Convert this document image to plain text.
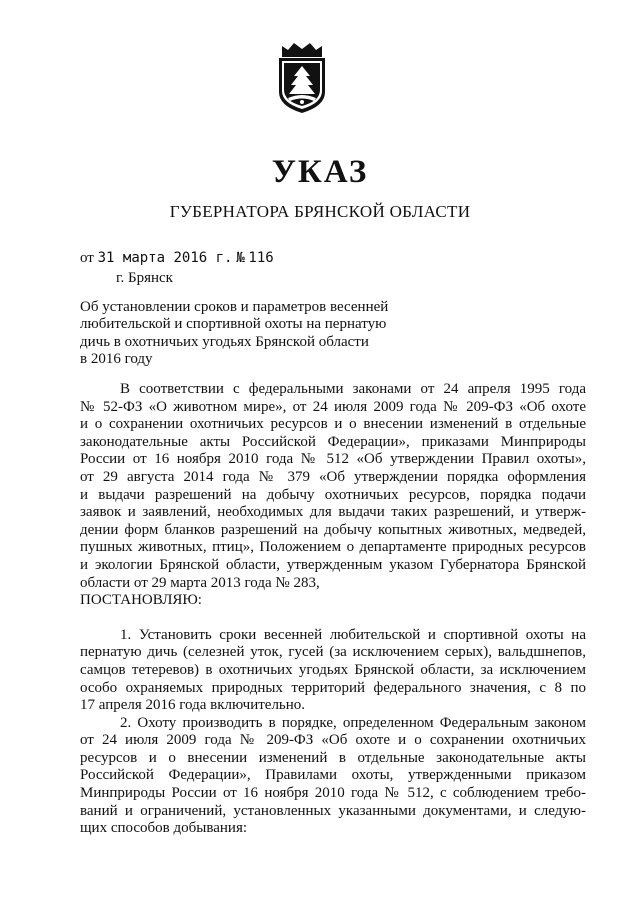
УКАЗ
ГУБЕРНАТОРА БРЯНСКОЙ ОБЛАСТИ
от 31 марта 2016 г. № 116
г. Брянск
Об установлении сроков и параметров весенней
любительской и спортивной охоты на пернатую
дичь в охотничьих угодьях Брянской области
в 2016 году
В соответствии с федеральными законами от 24 апреля 1995 года
№ 52-ФЗ «О животном мире», от 24 июля 2009 года № 209-ФЗ «Об охоте
и о сохранении охотничьих ресурсов и о внесении изменений в отдельные
законодательные акты Российской Федерации», приказами Минприроды
России от 16 ноября 2010 года № 512 «Об утверждении Правил охоты»,
от 29 августа 2014 года № 379 «Об утверждении порядка оформления
и выдачи разрешений на добычу охотничьих ресурсов, порядка подачи
заявок и заявлений, необходимых для выдачи таких разрешений, и утверж-
дении форм бланков разрешений на добычу копытных животных, медведей,
пушных животных, птиц», Положением о департаменте природных ресурсов
и экологии Брянской области, утвержденным указом Губернатора Брянской
области от 29 марта 2013 года № 283,
ПОСТАНОВЛЯЮ:
1. Установить сроки весенней любительской и спортивной охоты на
пернатую дичь (селезней уток, гусей (за исключением серых), вальдшнепов,
самцов тетеревов) в охотничьих угодьях Брянской области, за исключением
особо охраняемых природных территорий федерального значения, с 8 по
17 апреля 2016 года включительно.
2. Охоту производить в порядке, определенном Федеральным законом
от 24 июля 2009 года № 209-ФЗ «Об охоте и о сохранении охотничьих
ресурсов и о внесении изменений в отдельные законодательные акты
Российской Федерации», Правилами охоты, утвержденными приказом
Минприроды России от 16 ноября 2010 года № 512, с соблюдением требо-
ваний и ограничений, установленных указанными документами, и следую-
щих способов добывания:
